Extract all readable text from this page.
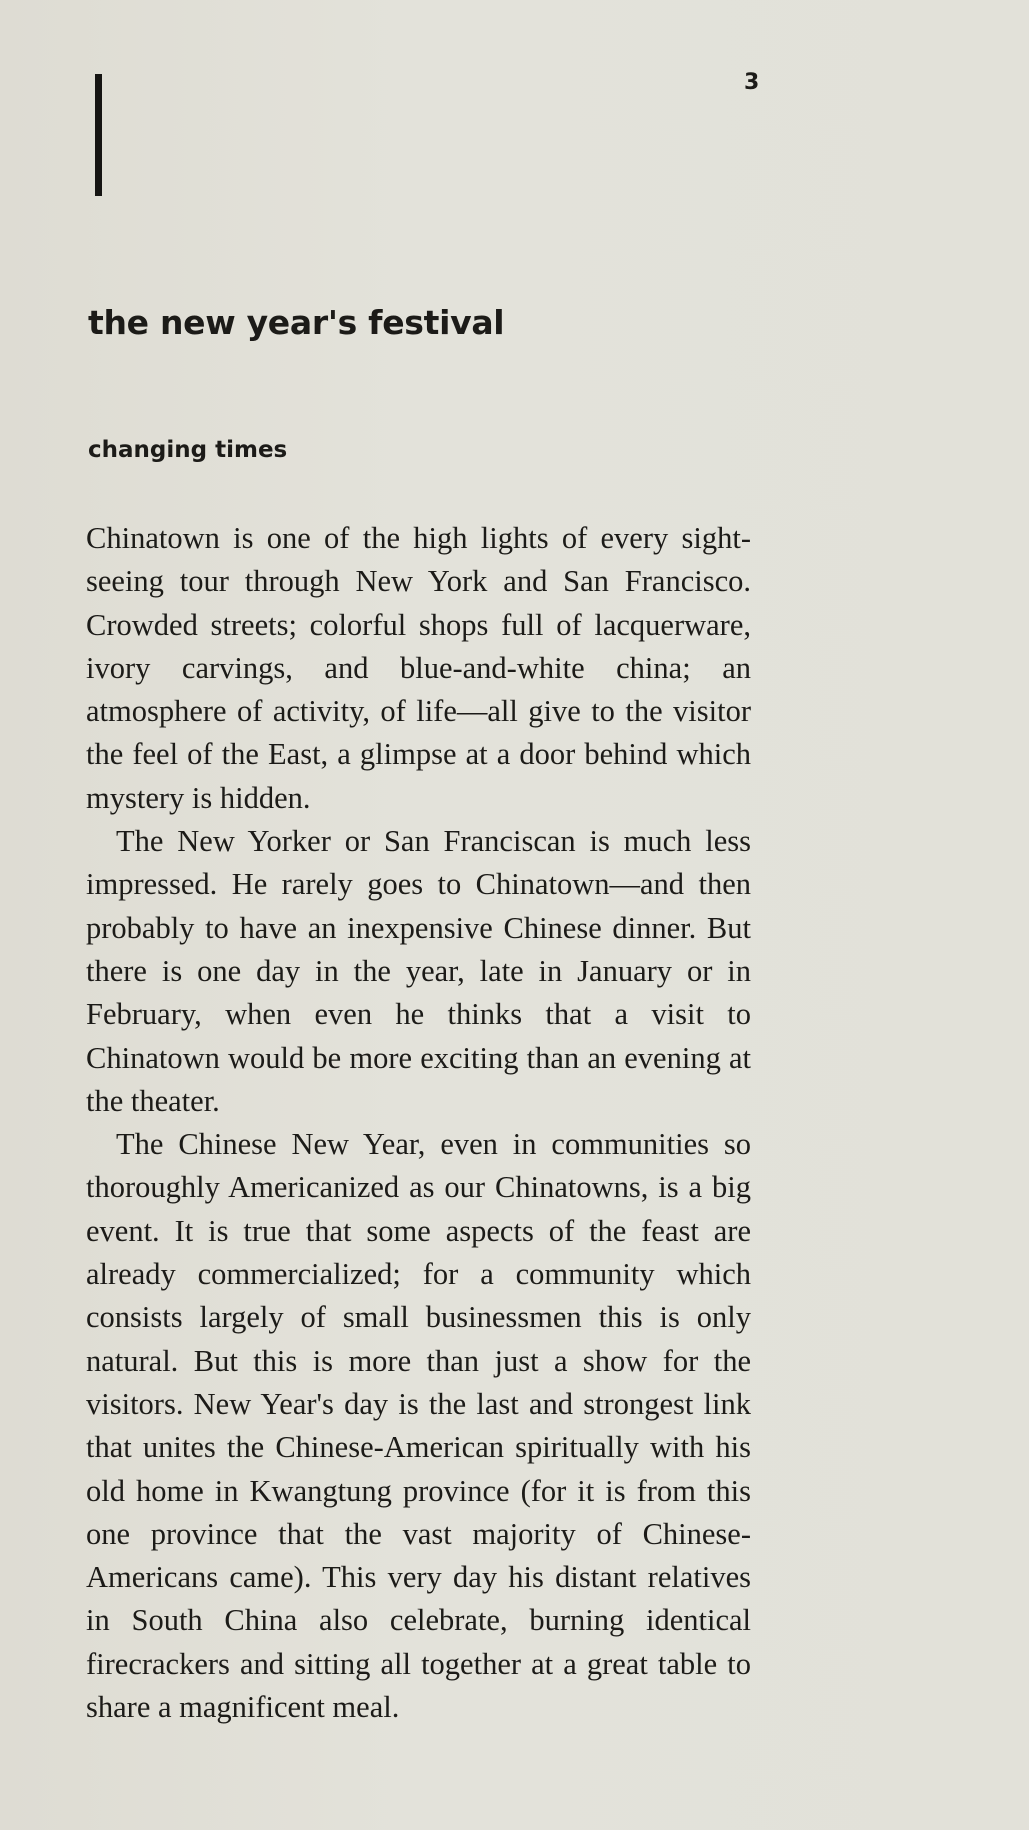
3
the new year's festival
changing times

Chinatown is one of the high lights of every sight-seeing tour through New York and San Francisco. Crowded streets; colorful shops full of lacquerware, ivory carvings, and blue-and-white china; an atmosphere of activity, of life—all give to the visitor the feel of the East, a glimpse at a door behind which mystery is hidden.

The New Yorker or San Franciscan is much less impressed. He rarely goes to Chinatown—and then probably to have an inexpensive Chinese dinner. But there is one day in the year, late in January or in February, when even he thinks that a visit to Chinatown would be more exciting than an evening at the theater.

The Chinese New Year, even in communities so thoroughly Americanized as our Chinatowns, is a big event. It is true that some aspects of the feast are already commercialized; for a community which consists largely of small businessmen this is only natural. But this is more than just a show for the visitors. New Year's day is the last and strongest link that unites the Chinese-American spiritually with his old home in Kwangtung province (for it is from this one province that the vast majority of Chinese-Americans came). This very day his distant relatives in South China also celebrate, burning identical firecrackers and sitting all together at a great table to share a magnificent meal.
